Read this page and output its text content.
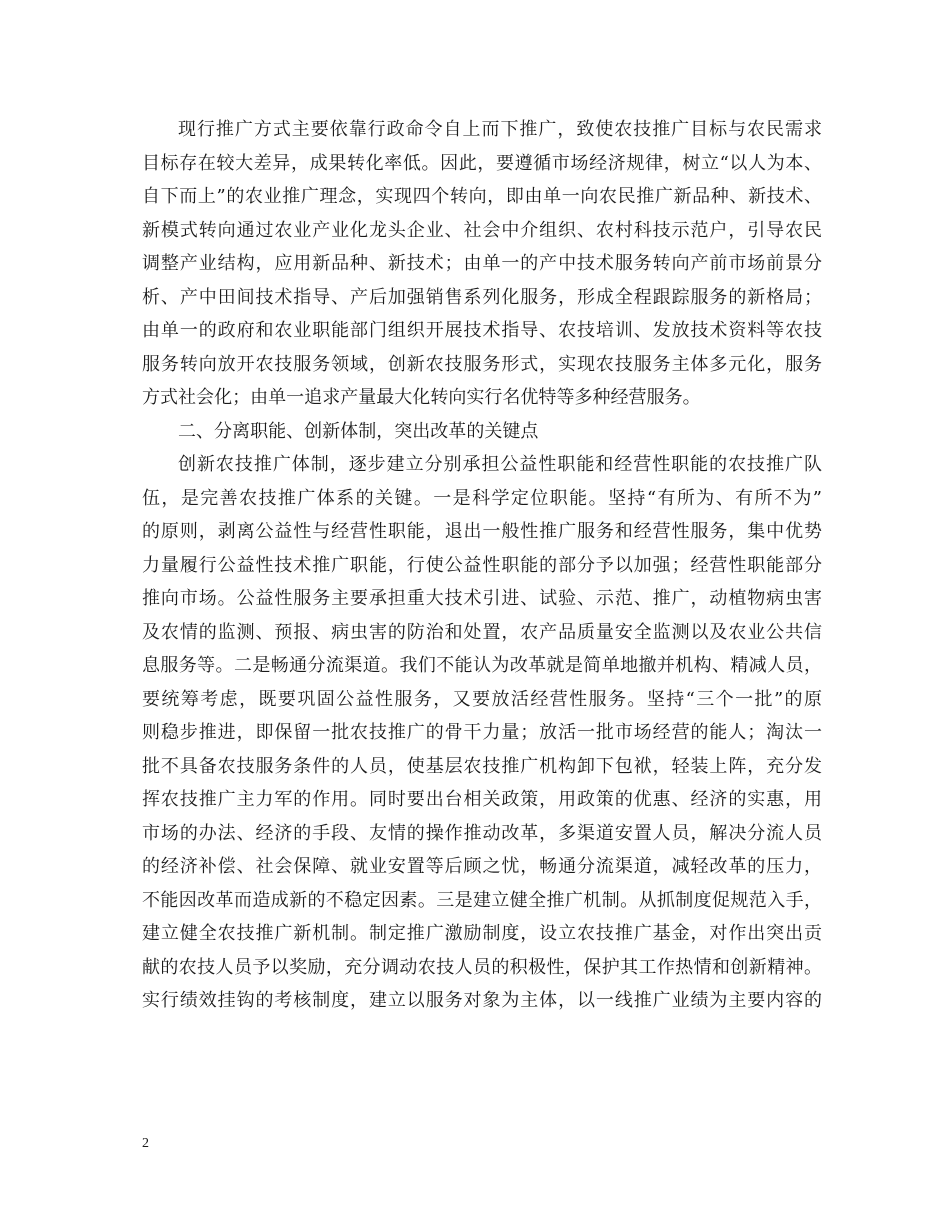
现行推广方式主要依靠行政命令自上而下推广，致使农技推广目标与农民需求
目标存在较大差异，成果转化率低。因此，要遵循市场经济规律，树立“以人为本、
自下而上”的农业推广理念，实现四个转向，即由单一向农民推广新品种、新技术、
新模式转向通过农业产业化龙头企业、社会中介组织、农村科技示范户，引导农民
调整产业结构，应用新品种、新技术；由单一的产中技术服务转向产前市场前景分
析、产中田间技术指导、产后加强销售系列化服务，形成全程跟踪服务的新格局；
由单一的政府和农业职能部门组织开展技术指导、农技培训、发放技术资料等农技
服务转向放开农技服务领域，创新农技服务形式，实现农技服务主体多元化，服务
方式社会化；由单一追求产量最大化转向实行名优特等多种经营服务。
二、分离职能、创新体制，突出改革的关键点
创新农技推广体制，逐步建立分别承担公益性职能和经营性职能的农技推广队
伍，是完善农技推广体系的关键。一是科学定位职能。坚持“有所为、有所不为”
的原则，剥离公益性与经营性职能，退出一般性推广服务和经营性服务，集中优势
力量履行公益性技术推广职能，行使公益性职能的部分予以加强；经营性职能部分
推向市场。公益性服务主要承担重大技术引进、试验、示范、推广，动植物病虫害
及农情的监测、预报、病虫害的防治和处置，农产品质量安全监测以及农业公共信
息服务等。二是畅通分流渠道。我们不能认为改革就是简单地撤并机构、精减人员，
要统筹考虑，既要巩固公益性服务，又要放活经营性服务。坚持“三个一批”的原
则稳步推进，即保留一批农技推广的骨干力量；放活一批市场经营的能人；淘汰一
批不具备农技服务条件的人员，使基层农技推广机构卸下包袱，轻装上阵，充分发
挥农技推广主力军的作用。同时要出台相关政策，用政策的优惠、经济的实惠，用
市场的办法、经济的手段、友情的操作推动改革，多渠道安置人员，解决分流人员
的经济补偿、社会保障、就业安置等后顾之忧，畅通分流渠道，减轻改革的压力，
不能因改革而造成新的不稳定因素。三是建立健全推广机制。从抓制度促规范入手，
建立健全农技推广新机制。制定推广激励制度，设立农技推广基金，对作出突出贡
献的农技人员予以奖励，充分调动农技人员的积极性，保护其工作热情和创新精神。
实行绩效挂钩的考核制度，建立以服务对象为主体，以一线推广业绩为主要内容的
2
